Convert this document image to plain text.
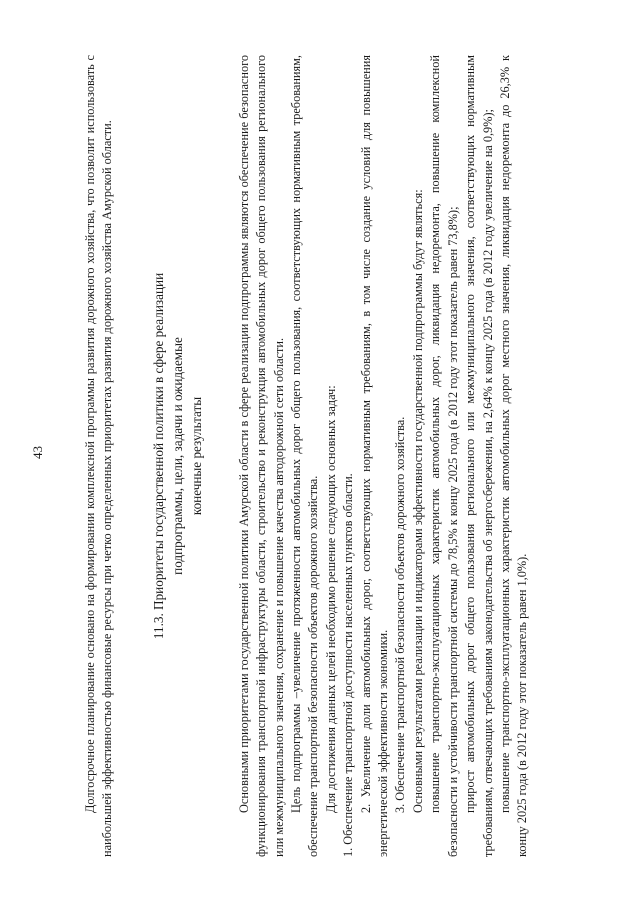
43	Долгосрочное планирование основано на формировании комплексной программы развития дорожного хозяйства, что позволит использовать с наибольшей эффективностью финансовые ресурсы при четко определенных приоритетах развития дорожного хозяйства Амурской области.	11.3. Приоритеты государственной политики в сфере реализации подпрограммы, цели, задачи и ожидаемые конечные результаты	Основными приоритетами государственной политики Амурской области в сфере реализации подпрограммы являются обеспечение безопасного функционирования транспортной инфраструктуры области, строительство и реконструкция автомобильных дорог общего пользования регионального или межмуниципального значения, сохранение и повышение качества автодорожной сети области. Цель подпрограммы –увеличение протяженности автомобильных дорог общего пользования, соответствующих нормативным требованиям, обеспечение транспортной безопасности объектов дорожного хозяйства. Для достижения данных целей необходимо решение следующих основных задач: 1. Обеспечение транспортной доступности населенных пунктов области. 2. Увеличение доли автомобильных дорог, соответствующих нормативным требованиям, в том числе создание условий для повышения энергетической эффективности экономики. 3. Обеспечение транспортной безопасности объектов дорожного хозяйства. Основными результатами реализации и индикаторами эффективности государственной подпрограммы будут являться: повышение транспортно-эксплуатационных характеристик автомобильных дорог, ликвидация недоремонта, повышение комплексной безопасности и устойчивости транспортной системы до 78,5% к концу 2025 года (в 2012 году этот показатель равен 73,8%); прирост автомобильных дорог общего пользования регионального или межмуниципального значения, соответствующих нормативным требованиям, отвечающих требованиям законодательства об энергосбережении, на 2,64% к концу 2025 года (в 2012 году увеличение на 0,9%); повышение транспортно-эксплуатационных характеристик автомобильных дорог местного значения, ликвидация недоремонта до 26,3% к концу 2025 года (в 2012 году этот показатель равен 1,0%).
